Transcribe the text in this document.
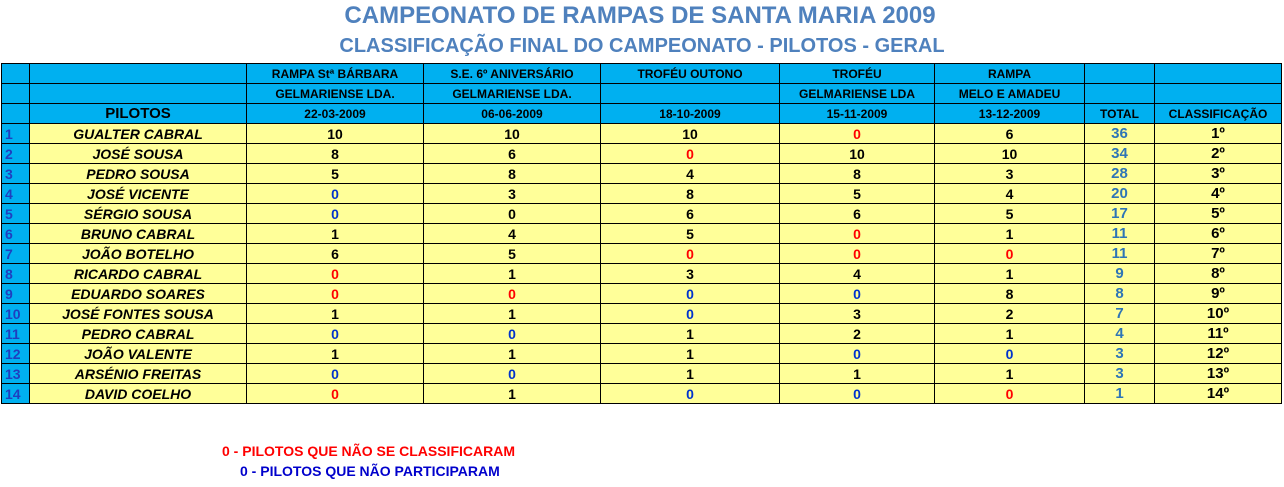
CAMPEONATO DE RAMPAS DE SANTA MARIA 2009
CLASSIFICAÇÃO FINAL DO CAMPEONATO - PILOTOS - GERAL
		RAMPA Stª BÁRBARA	S.E. 6º ANIVERSÁRIO	TROFÉU OUTONO	TROFÉU	RAMPA		
		GELMARIENSE LDA.	GELMARIENSE LDA.		GELMARIENSE LDA	MELO E AMADEU		
	PILOTOS	22-03-2009	06-06-2009	18-10-2009	15-11-2009	13-12-2009	TOTAL	CLASSIFICAÇÃO
1	GUALTER CABRAL	10	10	10	0	6	36	1º
2	JOSÉ SOUSA	8	6	0	10	10	34	2º
3	PEDRO SOUSA	5	8	4	8	3	28	3º
4	JOSÉ VICENTE	0	3	8	5	4	20	4º
5	SÉRGIO SOUSA	0	0	6	6	5	17	5º
6	BRUNO CABRAL	1	4	5	0	1	11	6º
7	JOÃO BOTELHO	6	5	0	0	0	11	7º
8	RICARDO CABRAL	0	1	3	4	1	9	8º
9	EDUARDO SOARES	0	0	0	0	8	8	9º
10	JOSÉ FONTES SOUSA	1	1	0	3	2	7	10º
11	PEDRO CABRAL	0	0	1	2	1	4	11º
12	JOÃO VALENTE	1	1	1	0	0	3	12º
13	ARSÉNIO FREITAS	0	0	1	1	1	3	13º
14	DAVID COELHO	0	1	0	0	0	1	14º
0 - PILOTOS QUE NÃO SE CLASSIFICARAM
0 - PILOTOS QUE NÃO PARTICIPARAM
